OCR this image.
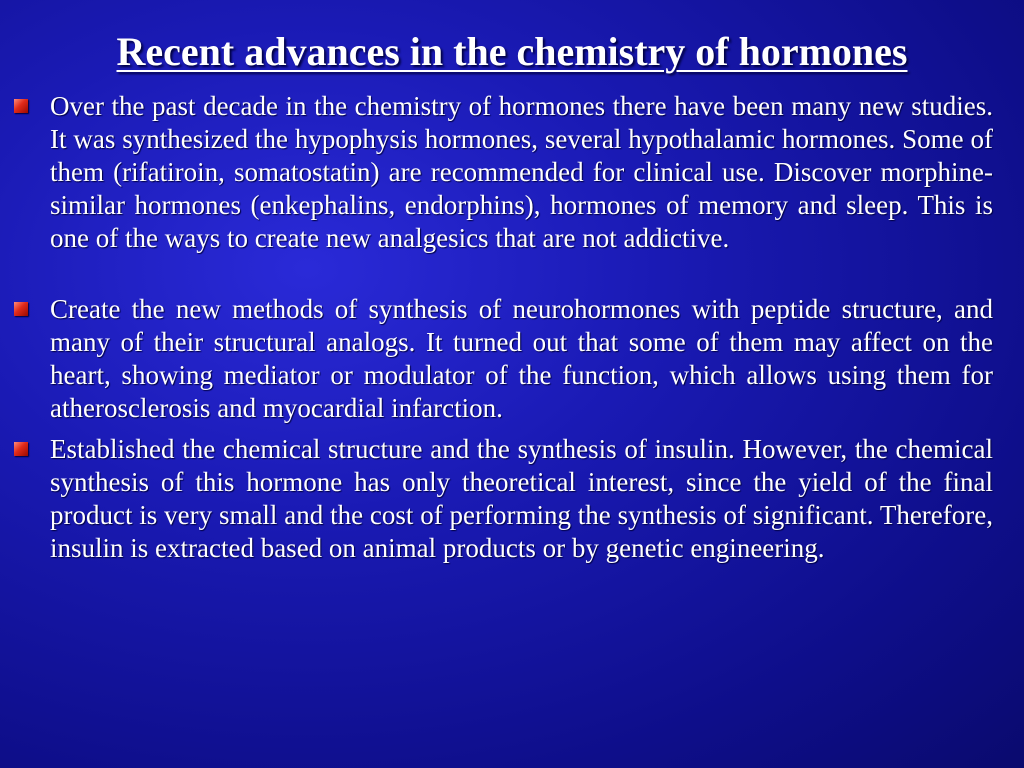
Recent advances in the chemistry of hormones
Over the past decade in the chemistry of hormones there have been many new studies. It was synthesized the hypophysis hormones, several hypothalamic hormones. Some of them (rifatiroin, somatostatin) are recommended for clinical use. Discover morphine-similar hormones (enkephalins, endorphins), hormones of memory and sleep. This is one of the ways to create new analgesics that are not addictive.
Create the new methods of synthesis of neurohormones with peptide structure, and many of their structural analogs. It turned out that some of them may affect on the heart, showing mediator or modulator of the function, which allows using them for atherosclerosis and myocardial infarction.
Established the chemical structure and the synthesis of insulin. However, the chemical synthesis of this hormone has only theoretical interest, since the yield of the final product is very small and the cost of performing the synthesis of significant. Therefore, insulin is extracted based on animal products or by genetic engineering.
